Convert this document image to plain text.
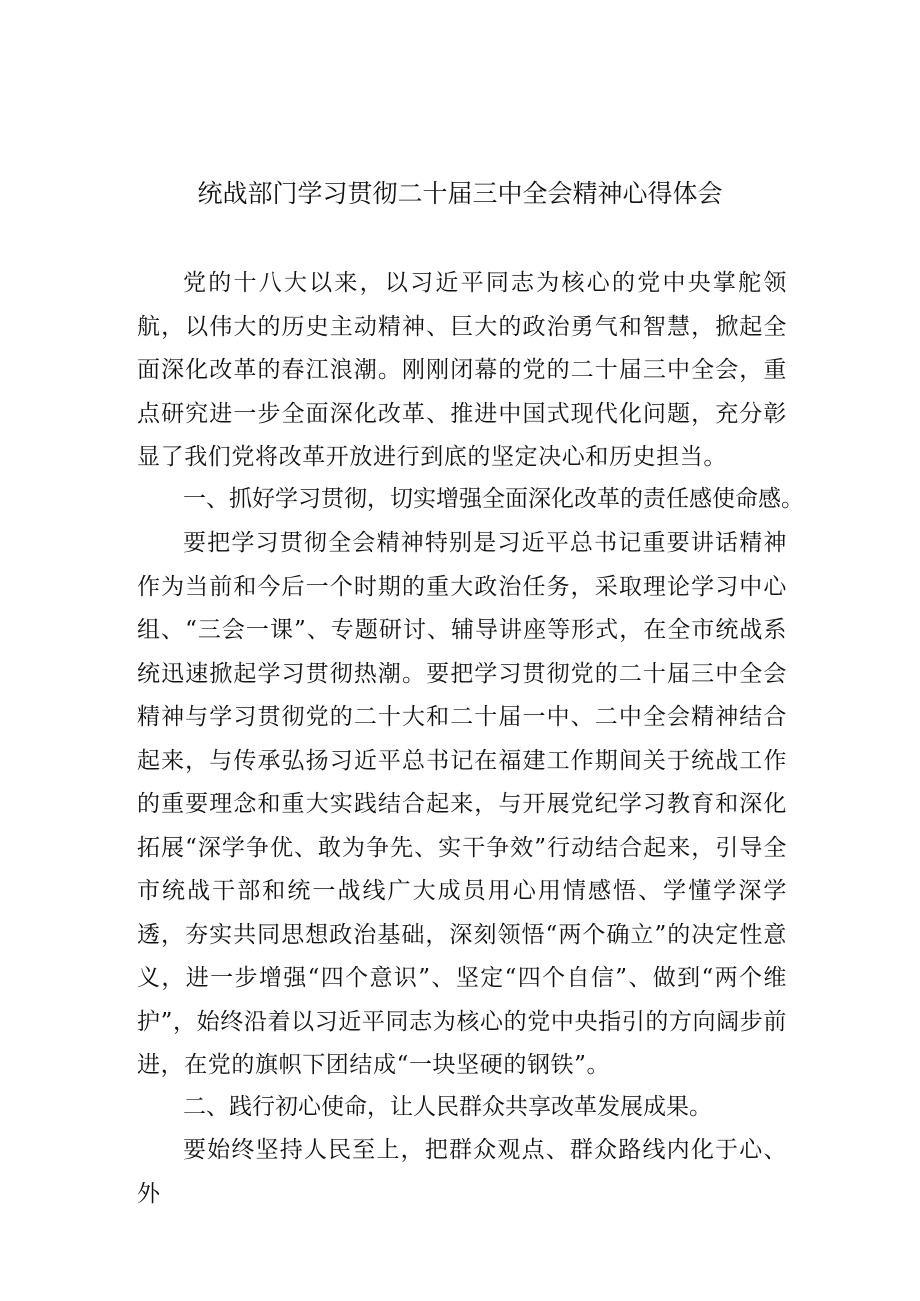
统战部门学习贯彻二十届三中全会精神心得体会

党的十八大以来，以习近平同志为核心的党中央掌舵领航，以伟大的历史主动精神、巨大的政治勇气和智慧，掀起全面深化改革的春江浪潮。刚刚闭幕的党的二十届三中全会，重点研究进一步全面深化改革、推进中国式现代化问题，充分彰显了我们党将改革开放进行到底的坚定决心和历史担当。

一、抓好学习贯彻，切实增强全面深化改革的责任感使命感。

要把学习贯彻全会精神特别是习近平总书记重要讲话精神作为当前和今后一个时期的重大政治任务，采取理论学习中心组、“三会一课”、专题研讨、辅导讲座等形式，在全市统战系统迅速掀起学习贯彻热潮。要把学习贯彻党的二十届三中全会精神与学习贯彻党的二十大和二十届一中、二中全会精神结合起来，与传承弘扬习近平总书记在福建工作期间关于统战工作的重要理念和重大实践结合起来，与开展党纪学习教育和深化拓展“深学争优、敢为争先、实干争效”行动结合起来，引导全市统战干部和统一战线广大成员用心用情感悟、学懂学深学透，夯实共同思想政治基础，深刻领悟“两个确立”的决定性意义，进一步增强“四个意识”、坚定“四个自信”、做到“两个维护”，始终沿着以习近平同志为核心的党中央指引的方向阔步前进，在党的旗帜下团结成“一块坚硬的钢铁”。

二、践行初心使命，让人民群众共享改革发展成果。

要始终坚持人民至上，把群众观点、群众路线内化于心、外
